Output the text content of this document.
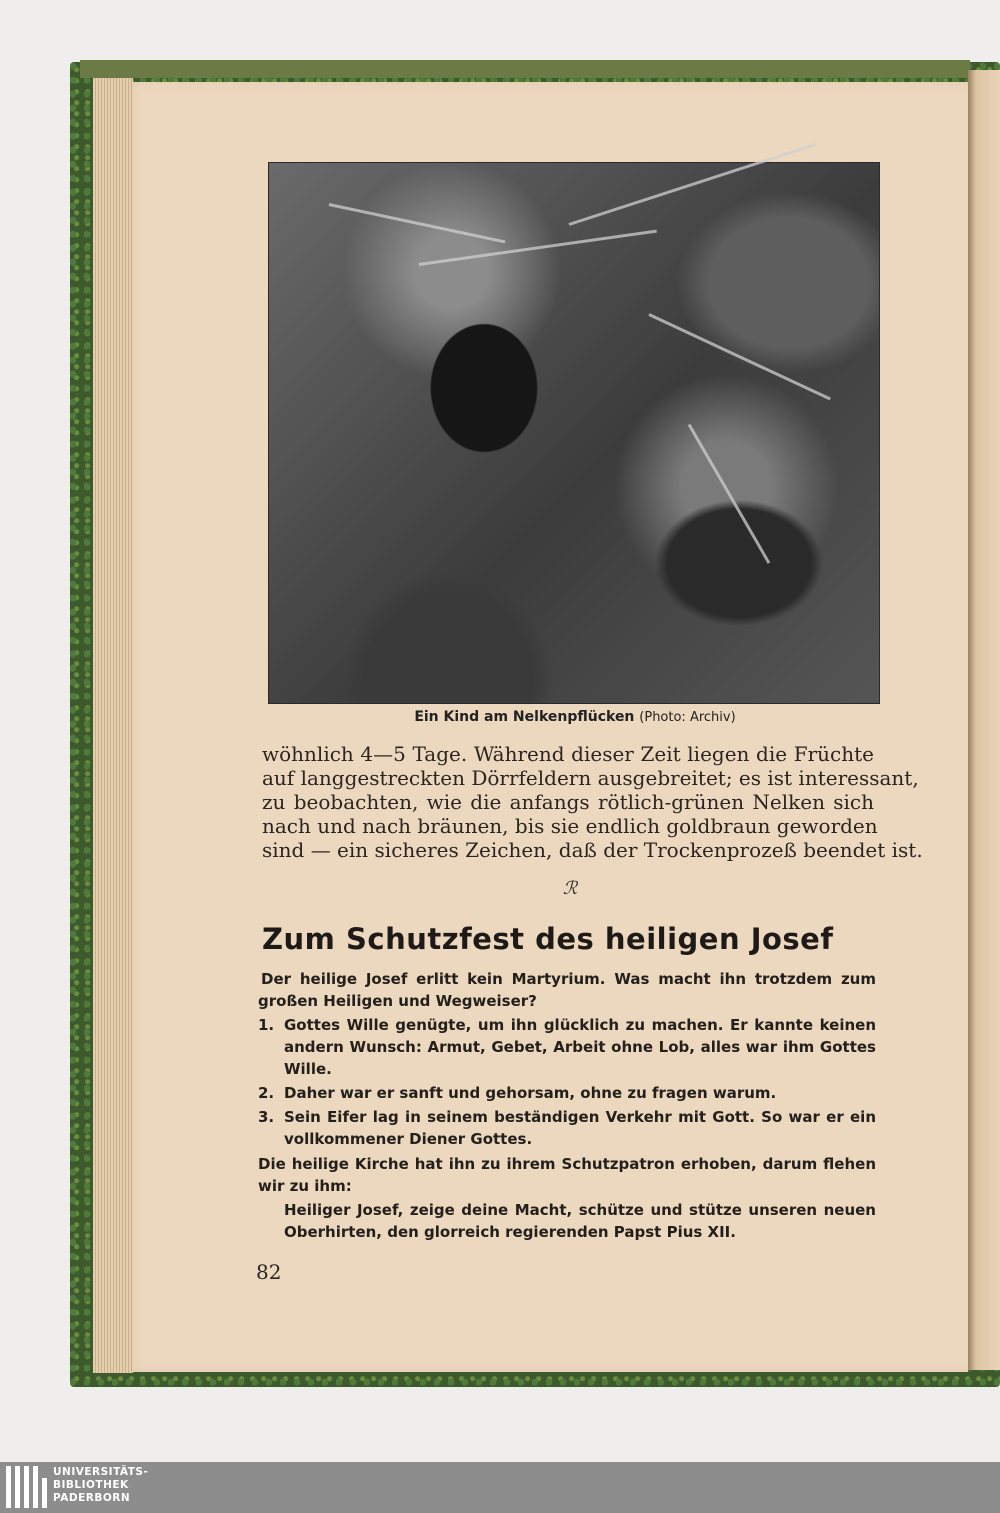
Ein Kind am Nelkenpflücken (Photo: Archiv)
wöhnlich 4—5 Tage. Während dieser Zeit liegen die Früchte
auf langgestreckten Dörrfeldern ausgebreitet; es ist interessant,
zu beobachten, wie die anfangs rötlich-grünen Nelken sich
nach und nach bräunen, bis sie endlich goldbraun geworden
sind — ein sicheres Zeichen, daß der Trockenprozeß beendet ist.
ℛ
Zum Schutzfest des heiligen Josef

Der heilige Josef erlitt kein Martyrium. Was macht ihn trotzdem zum großen Heiligen und Wegweiser?

1. Gottes Wille genügte, um ihn glücklich zu machen. Er kannte keinen andern Wunsch: Armut, Gebet, Arbeit ohne Lob, alles war ihm Gottes Wille.
2. Daher war er sanft und gehorsam, ohne zu fragen warum.
3. Sein Eifer lag in seinem beständigen Verkehr mit Gott. So war er ein vollkommener Diener Gottes.

Die heilige Kirche hat ihn zu ihrem Schutzpatron erhoben, darum flehen wir zu ihm:

Heiliger Josef, zeige deine Macht, schütze und stütze unseren neuen Oberhirten, den glorreich regierenden Papst Pius XII.

82
UNIVERSITÄTS-
BIBLIOTHEK
PADERBORN
